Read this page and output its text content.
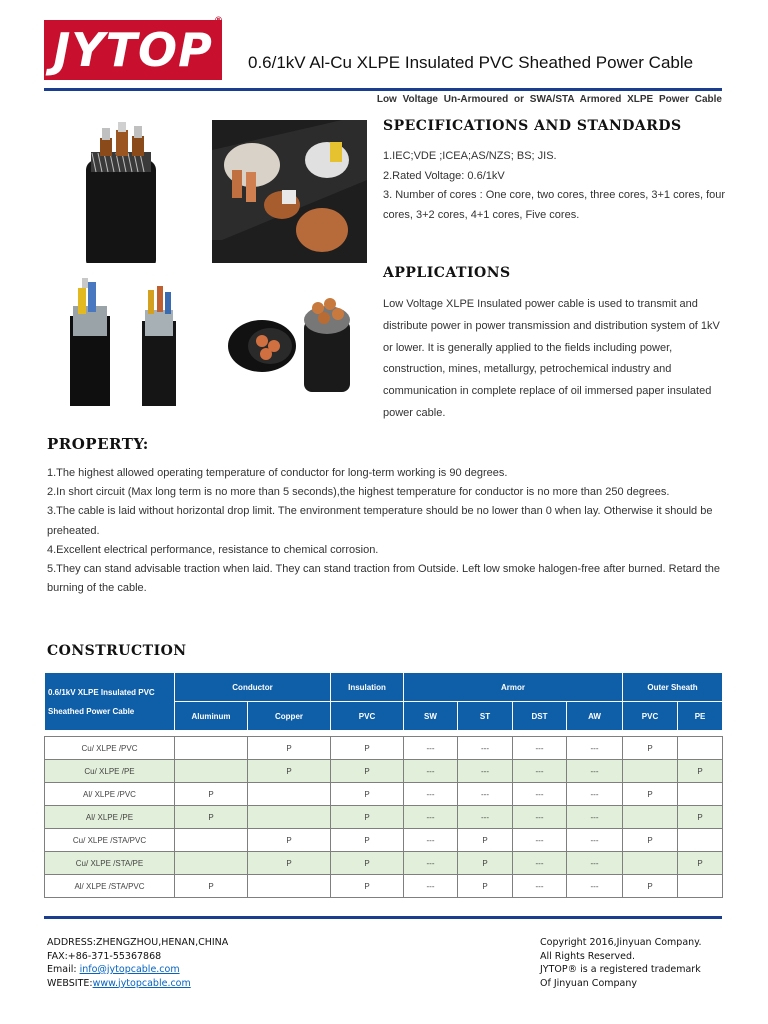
JYTOP
®
0.6/1kV Al-Cu XLPE Insulated PVC Sheathed Power Cable
Low Voltage Un-Armoured or SWA/STA Armored XLPE Power Cable
SPECIFICATIONS AND STANDARDS

1.IEC;VDE ;ICEA;AS/NZS; BS; JIS.

2.Rated Voltage: 0.6/1kV

3. Number of cores : One core, two cores, three cores, 3+1 cores, four cores, 3+2 cores, 4+1 cores, Five cores.

APPLICATIONS
Low Voltage XLPE Insulated power cable is used to transmit and distribute power in power transmission and distribution system of 1kV or lower. It is generally applied to the fields including power, construction, mines, metallurgy, petrochemical industry and communication in complete replace of oil immersed paper insulated power cable.
PROPERTY:

1.The highest allowed operating temperature of conductor for long-term working is 90 degrees.

2.In short circuit (Max long term is no more than 5 seconds),the highest temperature for conductor is no more than 250 degrees.

3.The cable is laid without horizontal drop limit. The environment temperature should be no lower than 0 when lay. Otherwise it should be preheated.

4.Excellent electrical performance, resistance to chemical corrosion.

5.They can stand advisable traction when laid. They can stand traction from Outside. Left low smoke halogen-free after burned. Retard the burning of the cable.

CONSTRUCTION
0.6/1kV XLPE Insulated PVC
Sheathed Power Cable	Conductor		Insulation	Armor				Outer Sheath	
	Aluminum	Copper	PVC	SW	ST	DST	AW	PVC	PE

Cu/ XLPE /PVC		P	P	---	---	---	---	P	
Cu/ XLPE /PE		P	P	---	---	---	---		P
Al/ XLPE /PVC	P		P	---	---	---	---	P	
Al/ XLPE /PE	P		P	---	---	---	---		P
Cu/ XLPE /STA/PVC		P	P	---	P	---	---	P	
Cu/ XLPE /STA/PE		P	P	---	P	---	---		P
Al/ XLPE /STA/PVC	P		P	---	P	---	---	P	
ADDRESS:ZHENGZHOU,HENAN,CHINA
FAX:+86-371-55367868
Email: info@jytopcable.com
WEBSITE:www.jytopcable.com
Copyright 2016,Jinyuan Company.
All Rights Reserved.
JYTOP® is a registered trademark
Of Jinyuan Company
